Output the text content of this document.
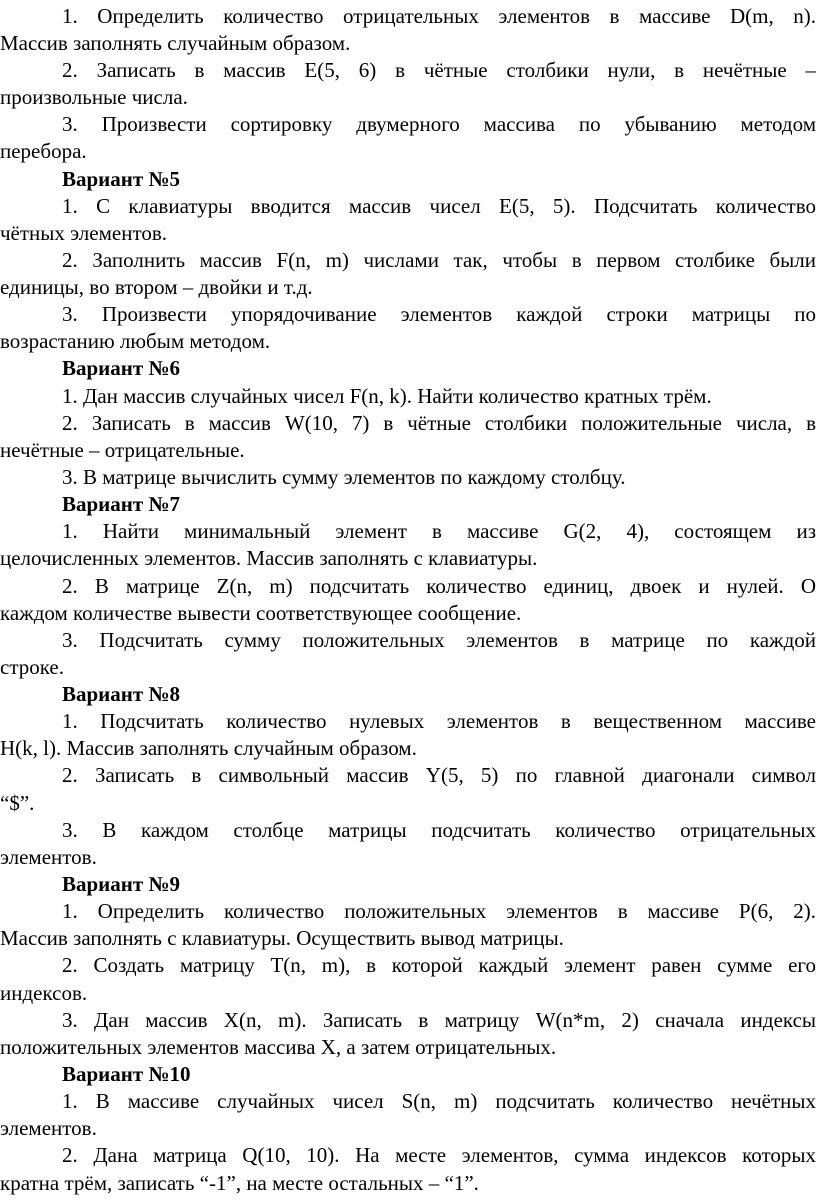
1. Определить количество отрицательных элементов в массиве D(m, n).
Массив заполнять случайным образом.
2. Записать в массив E(5, 6) в чётные столбики нули, в нечётные –
произвольные числа.
3. Произвести сортировку двумерного массива по убыванию методом
перебора.
Вариант №5
1. С клавиатуры вводится массив чисел E(5, 5). Подсчитать количество
чётных элементов.
2. Заполнить массив F(n, m) числами так, чтобы в первом столбике были
единицы, во втором – двойки и т.д.
3. Произвести упорядочивание элементов каждой строки матрицы по
возрастанию любым методом.
Вариант №6
1. Дан массив случайных чисел F(n, k). Найти количество кратных трём.
2. Записать в массив W(10, 7) в чётные столбики положительные числа, в
нечётные – отрицательные.
3. В матрице вычислить сумму элементов по каждому столбцу.
Вариант №7
1. Найти минимальный элемент в массиве G(2, 4), состоящем из
целочисленных элементов. Массив заполнять с клавиатуры.
2. В матрице Z(n, m) подсчитать количество единиц, двоек и нулей. О
каждом количестве вывести соответствующее сообщение.
3. Подсчитать сумму положительных элементов в матрице по каждой
строке.
Вариант №8
1. Подсчитать количество нулевых элементов в вещественном массиве
H(k, l). Массив заполнять случайным образом.
2. Записать в символьный массив Y(5, 5) по главной диагонали символ
“$”.
3. В каждом столбце матрицы подсчитать количество отрицательных
элементов.
Вариант №9
1. Определить количество положительных элементов в массиве P(6, 2).
Массив заполнять с клавиатуры. Осуществить вывод матрицы.
2. Создать матрицу T(n, m), в которой каждый элемент равен сумме его
индексов.
3. Дан массив X(n, m). Записать в матрицу W(n*m, 2) сначала индексы
положительных элементов массива X, а затем отрицательных.
Вариант №10
1. В массиве случайных чисел S(n, m) подсчитать количество нечётных
элементов.
2. Дана матрица Q(10, 10). На месте элементов, сумма индексов которых
кратна трём, записать “-1”, на месте остальных – “1”.
